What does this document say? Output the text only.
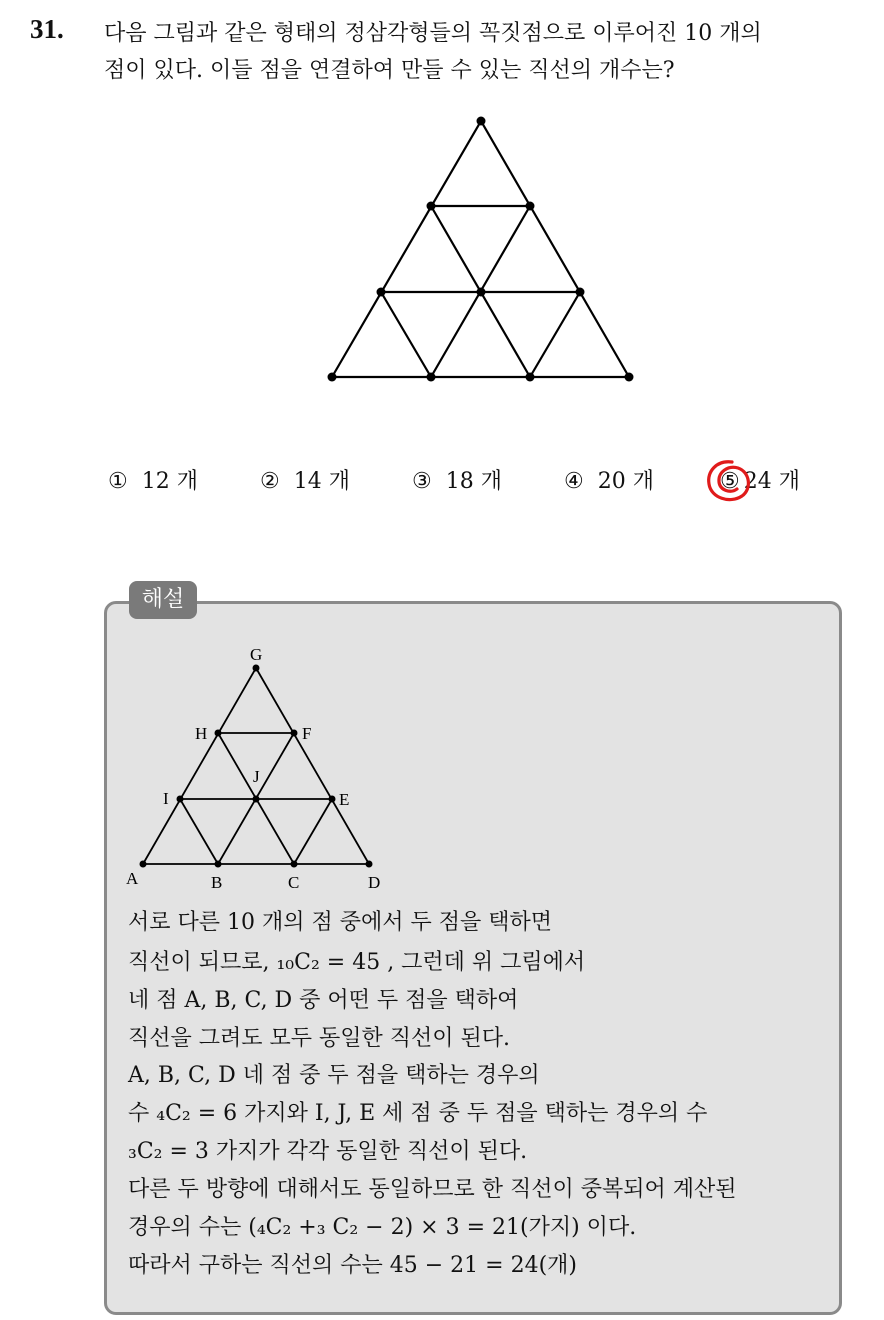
31. 다음 그림과 같은 형태의 정삼각형들의 꼭짓점으로 이루어진 10 개의
점이 있다. 이들 점을 연결하여 만들 수 있는 직선의 개수는?
① 12 개	② 14 개	③ 18 개	④ 20 개	⑤ 24 개
해설
G
H	F
J
I	E
A	B	C	D
서로 다른 10 개의 점 중에서 두 점을 택하면
직선이 되므로, ₁₀C₂ = 45 , 그런데 위 그림에서
네 점 A, B, C, D 중 어떤 두 점을 택하여
직선을 그려도 모두 동일한 직선이 된다.
A, B, C, D 네 점 중 두 점을 택하는 경우의
수 ₄C₂ = 6 가지와 I, J, E 세 점 중 두 점을 택하는 경우의 수
₃C₂ = 3 가지가 각각 동일한 직선이 된다.
다른 두 방향에 대해서도 동일하므로 한 직선이 중복되어 계산된
경우의 수는 (₄C₂ +₃ C₂ − 2) × 3 = 21(가지) 이다.
따라서 구하는 직선의 수는 45 − 21 = 24(개)
